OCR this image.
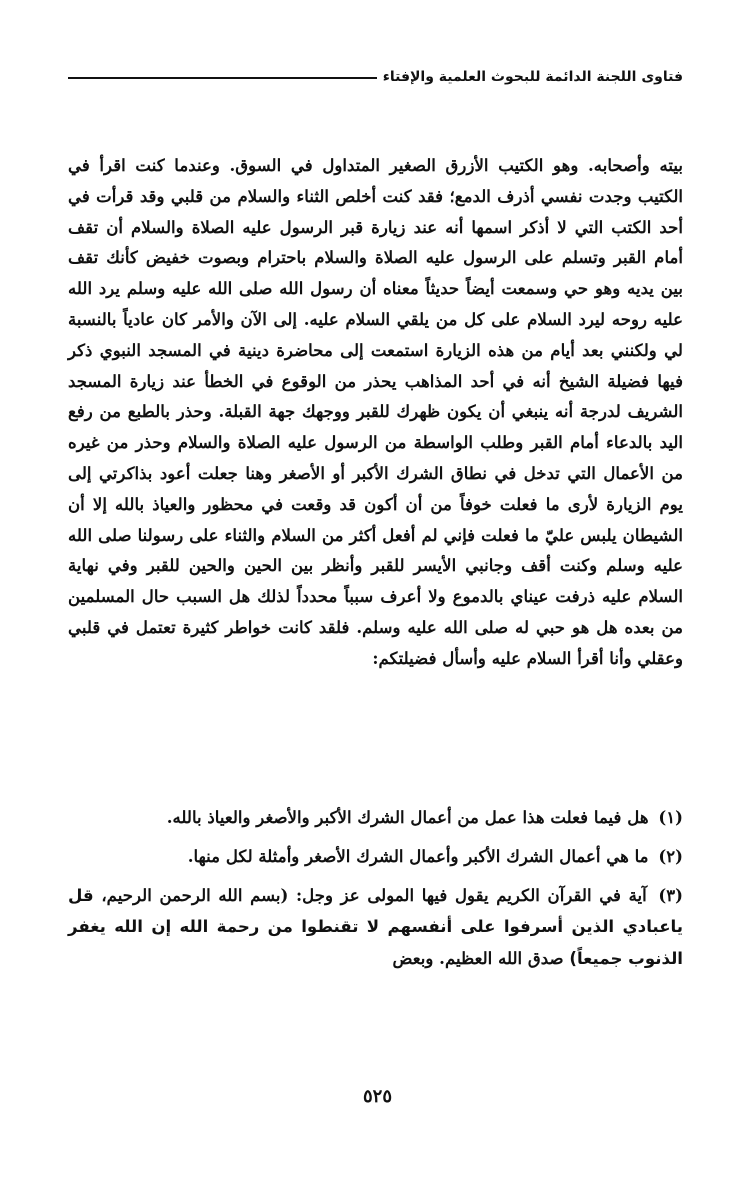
فتاوى اللجنة الدائمة للبحوث العلمية والإفتاء

بيته وأصحابه. وهو الكتيب الأزرق الصغير المتداول في السوق. وعندما كنت اقرأ في الكتيب وجدت نفسي أذرف الدمع؛ فقد كنت أخلص الثناء والسلام من قلبي وقد قرأت في أحد الكتب التي لا أذكر اسمها أنه عند زيارة قبر الرسول عليه الصلاة والسلام أن تقف أمام القبر وتسلم على الرسول عليه الصلاة والسلام باحترام وبصوت خفيض كأنك تقف بين يديه وهو حي وسمعت أيضاً حديثاً معناه أن رسول الله صلى الله عليه وسلم يرد الله عليه روحه ليرد السلام على كل من يلقي السلام عليه. إلى الآن والأمر كان عادياً بالنسبة لي ولكنني بعد أيام من هذه الزيارة استمعت إلى محاضرة دينية في المسجد النبوي ذكر فيها فضيلة الشيخ أنه في أحد المذاهب يحذر من الوقوع في الخطأ عند زيارة المسجد الشريف لدرجة أنه ينبغي أن يكون ظهرك للقبر ووجهك جهة القبلة. وحذر بالطبع من رفع اليد بالدعاء أمام القبر وطلب الواسطة من الرسول عليه الصلاة والسلام وحذر من غيره من الأعمال التي تدخل في نطاق الشرك الأكبر أو الأصغر وهنا جعلت أعود بذاكرتي إلى يوم الزيارة لأرى ما فعلت خوفاً من أن أكون قد وقعت في محظور والعياذ بالله إلا أن الشيطان يلبس عليّ ما فعلت فإني لم أفعل أكثر من السلام والثناء على رسولنا صلى الله عليه وسلم وكنت أقف وجانبي الأيسر للقبر وأنظر بين الحين والحين للقبر وفي نهاية السلام عليه ذرفت عيناي بالدموع ولا أعرف سبباً محدداً لذلك هل السبب حال المسلمين من بعده هل هو حبي له صلى الله عليه وسلم. فلقد كانت خواطر كثيرة تعتمل في قلبي وعقلي وأنا أقرأ السلام عليه وأسأل فضيلتكم:

(١) هل فيما فعلت هذا عمل من أعمال الشرك الأكبر والأصغر والعياذ بالله.

(٢) ما هي أعمال الشرك الأكبر وأعمال الشرك الأصغر وأمثلة لكل منها.

(٣) آية في القرآن الكريم يقول فيها المولى عز وجل: (بسم الله الرحمن الرحيم، قل ياعبادي الذين أسرفوا على أنفسهم لا تقنطوا من رحمة الله إن الله يغفر الذنوب جميعاً) صدق الله العظيم. وبعض

٥٢٥
